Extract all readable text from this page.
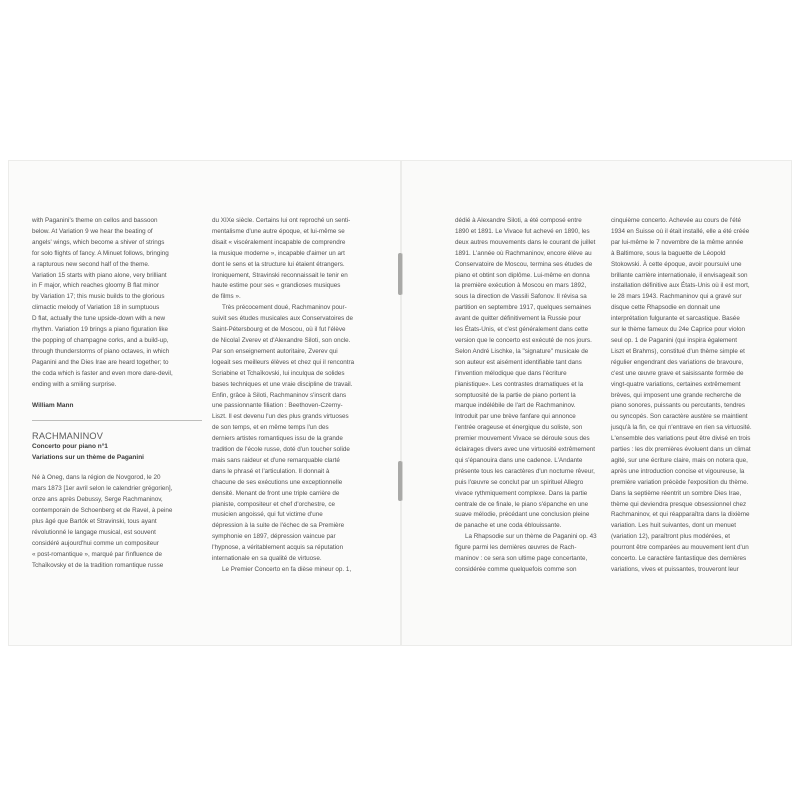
with Paganini's theme on cellos and bassoon
below. At Variation 9 we hear the beating of
angels' wings, which become a shiver of strings
for solo flights of fancy. A Minuet follows, bringing
a rapturous new second half of the theme.
Variation 15 starts with piano alone, very brilliant
in F major, which reaches gloomy B flat minor
by Variation 17; this music builds to the glorious
climactic melody of Variation 18 in sumptuous
D flat, actually the tune upside-down with a new
rhythm. Variation 19 brings a piano figuration like
the popping of champagne corks, and a build-up,
through thunderstorms of piano octaves, in which
Paganini and the Dies Irae are heard together; to
the coda which is faster and even more dare-devil,
ending with a smiling surprise.

William Mann

RACHMANINOV

Concerto pour piano n°1
Variations sur un thème de Paganini

Né à Oneg, dans la région de Novgorod, le 20
mars 1873 [1er avril selon le calendrier grégorien],
onze ans après Debussy, Serge Rachmaninov,
contemporain de Schoenberg et de Ravel, à peine
plus âgé que Bartók et Stravinski, tous ayant
révolutionné le langage musical, est souvent
considéré aujourd'hui comme un compositeur
« post-romantique », marqué par l'influence de
Tchaïkovsky et de la tradition romantique russe

du XIXe siècle. Certains lui ont reproché un senti-
mentalisme d'une autre époque, et lui-même se
disait « viscéralement incapable de comprendre
la musique moderne », incapable d'aimer un art
dont le sens et la structure lui étaient étrangers.
Ironiquement, Stravinski reconnaissait le tenir en
haute estime pour ses « grandioses musiques
de films ».

Très précocement doué, Rachmaninov pour-
suivit ses études musicales aux Conservatoires de
Saint-Pétersbourg et de Moscou, où il fut l'élève
de Nicolaï Zverev et d'Alexandre Siloti, son oncle.
Par son enseignement autoritaire, Zverev qui
logeait ses meilleurs élèves et chez qui il rencontra
Scriabine et Tchaïkovski, lui inculqua de solides
bases techniques et une vraie discipline de travail.
Enfin, grâce à Siloti, Rachmaninov s'inscrit dans
une passionnante filiation : Beethoven-Czerny-
Liszt. Il est devenu l'un des plus grands virtuoses
de son temps, et en même temps l'un des
derniers artistes romantiques issu de la grande
tradition de l'école russe, doté d'un toucher solide
mais sans raideur et d'une remarquable clarté
dans le phrasé et l'articulation. Il donnait à
chacune de ses exécutions une exceptionnelle
densité. Menant de front une triple carrière de
pianiste, compositeur et chef d'orchestre, ce
musicien angoissé, qui fut victime d'une
dépression à la suite de l'échec de sa Première
symphonie en 1897, dépression vaincue par
l'hypnose, a véritablement acquis sa réputation
internationale en sa qualité de virtuose.

Le Premier Concerto en fa dièse mineur op. 1,

dédié à Alexandre Siloti, a été composé entre
1890 et 1891. Le Vivace fut achevé en 1890, les
deux autres mouvements dans le courant de juillet
1891. L'année où Rachmaninov, encore élève au
Conservatoire de Moscou, termina ses études de
piano et obtint son diplôme. Lui-même en donna
la première exécution à Moscou en mars 1892,
sous la direction de Vassili Safonov. Il révisa sa
partition en septembre 1917, quelques semaines
avant de quitter définitivement la Russie pour
les États-Unis, et c'est généralement dans cette
version que le concerto est exécuté de nos jours.
Selon André Lischke, la "signature" musicale de
son auteur est aisément identifiable tant dans
l'invention mélodique que dans l'écriture
pianistique». Les contrastes dramatiques et la
somptuosité de la partie de piano portent la
marque indélébile de l'art de Rachmaninov.
Introduit par une brève fanfare qui annonce
l'entrée orageuse et énergique du soliste, son
premier mouvement Vivace se déroule sous des
éclairages divers avec une virtuosité extrêmement
qui s'épanouira dans une cadence. L'Andante
présente tous les caractères d'un nocturne rêveur,
puis l'œuvre se conclut par un spirituel Allegro
vivace rythmiquement complexe. Dans la partie
centrale de ce finale, le piano s'épanche en une
suave mélodie, précédant une conclusion pleine
de panache et une coda éblouissante.

La Rhapsodie sur un thème de Paganini op. 43
figure parmi les dernières œuvres de Rach-
maninov : ce sera son ultime page concertante,
considérée comme quelquefois comme son

cinquième concerto. Achevée au cours de l'été
1934 en Suisse où il était installé, elle a été créée
par lui-même le 7 novembre de la même année
à Baltimore, sous la baguette de Léopold
Stokowski. À cette époque, avoir poursuivi une
brillante carrière internationale, il envisageait son
installation définitive aux États-Unis où il est mort,
le 28 mars 1943. Rachmaninov qui a gravé sur
disque cette Rhapsodie en donnait une
interprétation fulgurante et sarcastique. Basée
sur le thème fameux du 24e Caprice pour violon
seul op. 1 de Paganini (qui inspira également
Liszt et Brahms), constitué d'un thème simple et
régulier engendrant des variations de bravoure,
c'est une œuvre grave et saisissante formée de
vingt-quatre variations, certaines extrêmement
brèves, qui imposent une grande recherche de
piano sonores, puissants ou percutants, tendres
ou syncopés. Son caractère austère se maintient
jusqu'à la fin, ce qui n'entrave en rien sa virtuosité.
L'ensemble des variations peut être divisé en trois
parties : les dix premières évoluent dans un climat
agité, sur une écriture claire, mais on notera que,
après une introduction concise et vigoureuse, la
première variation précède l'exposition du thème.
Dans la septième réentrit un sombre Dies Irae,
thème qui deviendra presque obsessionnel chez
Rachmaninov, et qui réapparaîtra dans la dixième
variation. Les huit suivantes, dont un menuet
(variation 12), paraîtront plus modérées, et
pourront être comparées au mouvement lent d'un
concerto. Le caractère fantastique des dernières
variations, vives et puissantes, trouveront leur
